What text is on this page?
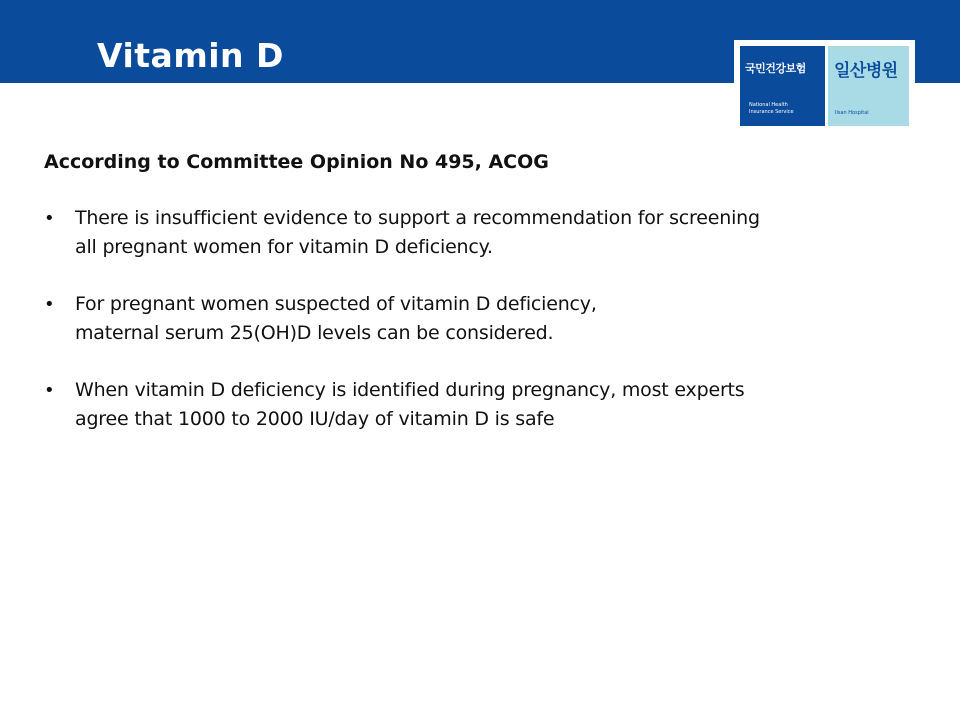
Vitamin D	국민건강보험
National Health
Insurance Service
일산병원
Ilsan Hospital

According to Committee Opinion No 495, ACOG

• There is insufficient evidence to support a recommendation for screening
all pregnant women for vitamin D deficiency.
• For pregnant women suspected of vitamin D deficiency,
maternal serum 25(OH)D levels can be considered.
• When vitamin D deficiency is identified during pregnancy, most experts
agree that 1000 to 2000 IU/day of vitamin D is safe
